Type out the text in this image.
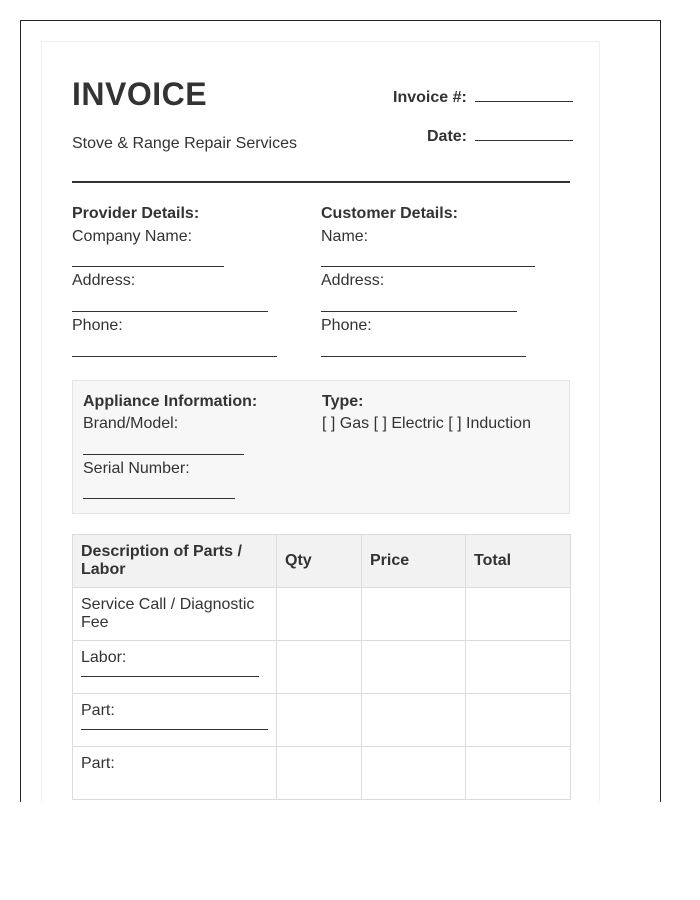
INVOICE
Stove & Range Repair Services
Invoice #:
Date:
Provider Details:
Company Name:
Address:
Phone:
Customer Details:
Name:
Address:
Phone:
Appliance Information:
Brand/Model:
Serial Number:
Type:
[ ] Gas [ ] Electric [ ] Induction
Description of Parts / Labor	Qty	Price	Total
Service Call / Diagnostic Fee			

Labor:			

Part:			

Part:			
